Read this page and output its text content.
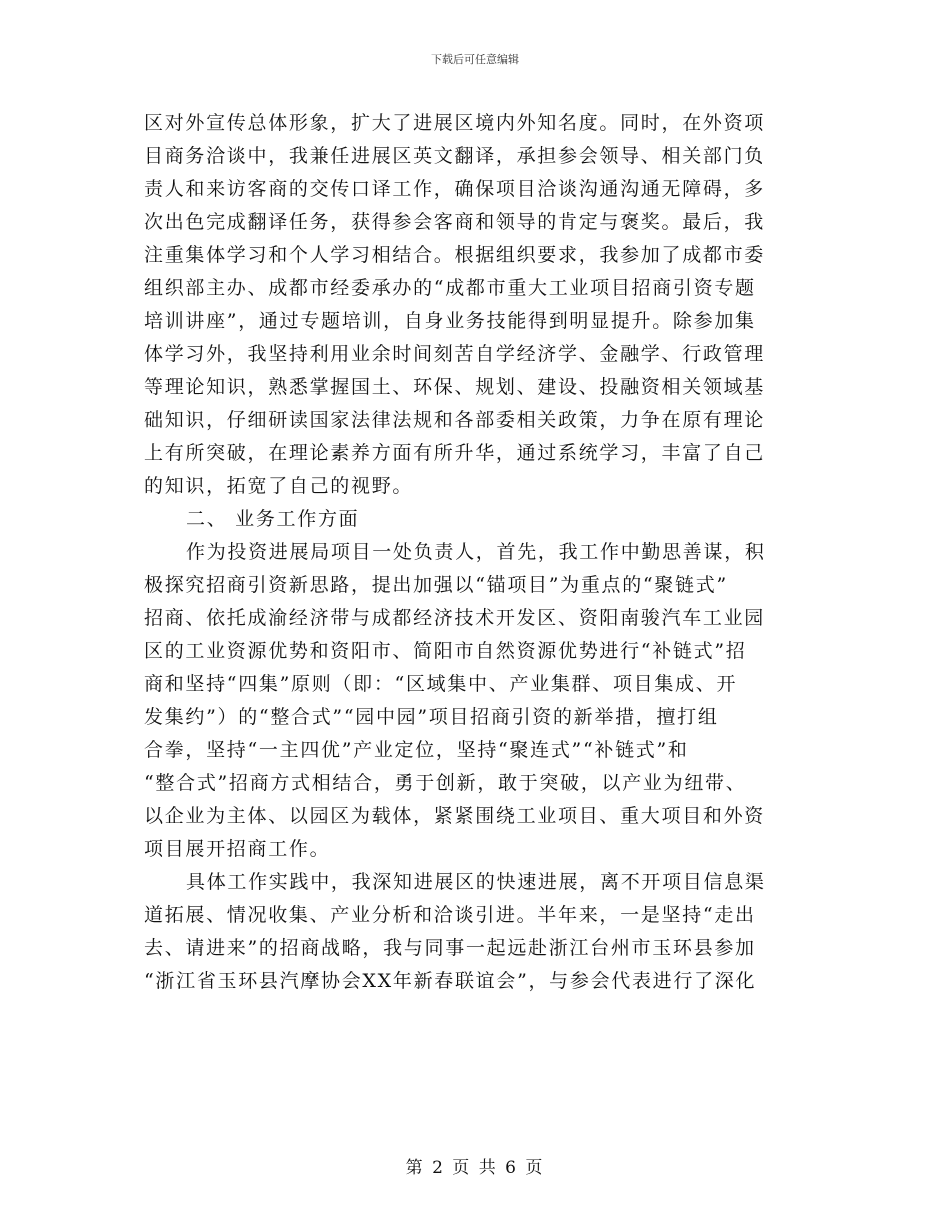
下载后可任意编辑
区对外宣传总体形象，扩大了进展区境内外知名度。同时，在外资项
目商务洽谈中，我兼任进展区英文翻译，承担参会领导、相关部门负
责人和来访客商的交传口译工作，确保项目洽谈沟通沟通无障碍，多
次出色完成翻译任务，获得参会客商和领导的肯定与褒奖。最后，我
注重集体学习和个人学习相结合。根据组织要求，我参加了成都市委
组织部主办、成都市经委承办的“成都市重大工业项目招商引资专题
培训讲座”，通过专题培训，自身业务技能得到明显提升。除参加集
体学习外，我坚持利用业余时间刻苦自学经济学、金融学、行政管理
等理论知识，熟悉掌握国土、环保、规划、建设、投融资相关领域基
础知识，仔细研读国家法律法规和各部委相关政策，力争在原有理论
上有所突破，在理论素养方面有所升华，通过系统学习，丰富了自己
的知识，拓宽了自己的视野。
二、 业务工作方面
作为投资进展局项目一处负责人，首先，我工作中勤思善谋，积
极探究招商引资新思路，提出加强以“锚项目”为重点的“聚链式”
招商、依托成渝经济带与成都经济技术开发区、资阳南骏汽车工业园
区的工业资源优势和资阳市、简阳市自然资源优势进行“补链式”招
商和坚持“四集”原则（即：“区域集中、产业集群、项目集成、开
发集约”）的“整合式”“园中园”项目招商引资的新举措，擅打组
合拳，坚持“一主四优”产业定位，坚持“聚连式”“补链式”和
“整合式”招商方式相结合，勇于创新，敢于突破，以产业为纽带、
以企业为主体、以园区为载体，紧紧围绕工业项目、重大项目和外资
项目展开招商工作。
具体工作实践中，我深知进展区的快速进展，离不开项目信息渠
道拓展、情况收集、产业分析和洽谈引进。半年来，一是坚持“走出
去、请进来”的招商战略，我与同事一起远赴浙江台州市玉环县参加
“浙江省玉环县汽摩协会XX年新春联谊会”，与参会代表进行了深化
第 2 页 共 6 页
